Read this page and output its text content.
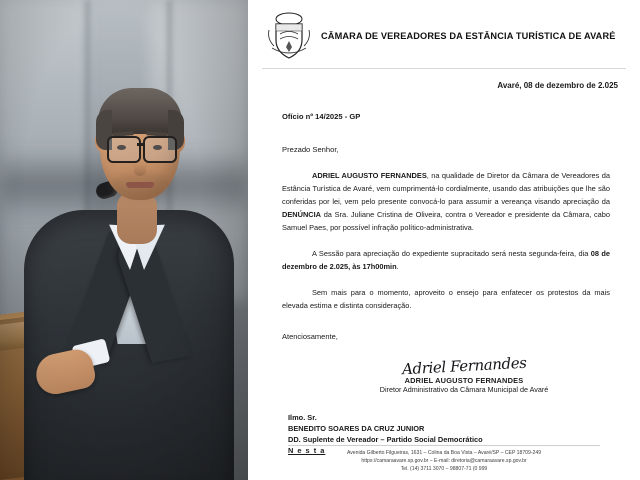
CÂMARA DE VEREADORES DA ESTÂNCIA TURÍSTICA DE AVARÉ
Avaré, 08 de dezembro de 2.025
Ofício nº 14/2025 - GP
Prezado Senhor,

ADRIEL AUGUSTO FERNANDES, na qualidade de Diretor da Câmara de Vereadores da Estância Turística de Avaré, vem cumprimentá-lo cordialmente, usando das atribuições que lhe são conferidas por lei, vem pelo presente convocá-lo para assumir a vereança visando apreciação da DENÚNCIA da Sra. Juliane Cristina de Oliveira, contra o Vereador e presidente da Câmara, cabo Samuel Paes, por possível infração político-administrativa.

A Sessão para apreciação do expediente supracitado será nesta segunda-feira, dia 08 de dezembro de 2.025, às 17h00min.

Sem mais para o momento, aproveito o ensejo para enfatecer os protestos da mais elevada estima e distinta consideração.

Atenciosamente,
Adriel Fernandes
ADRIEL AUGUSTO FERNANDES
Diretor Administrativo da Câmara Municipal de Avaré
Ilmo. Sr.
BENEDITO SOARES DA CRUZ JUNIOR
DD. Suplente de Vereador – Partido Social Democrático
N e s t a	Avenida Gilberto Filgueiras, 1631 – Colina da Boa Vista – Avaré/SP – CEP 18709-249
https://camaraavare.sp.gov.br – E-mail: diretoria@camaraavare.sp.gov.br
Tel. (14) 3711 3070 – 98807-71 (0 999
